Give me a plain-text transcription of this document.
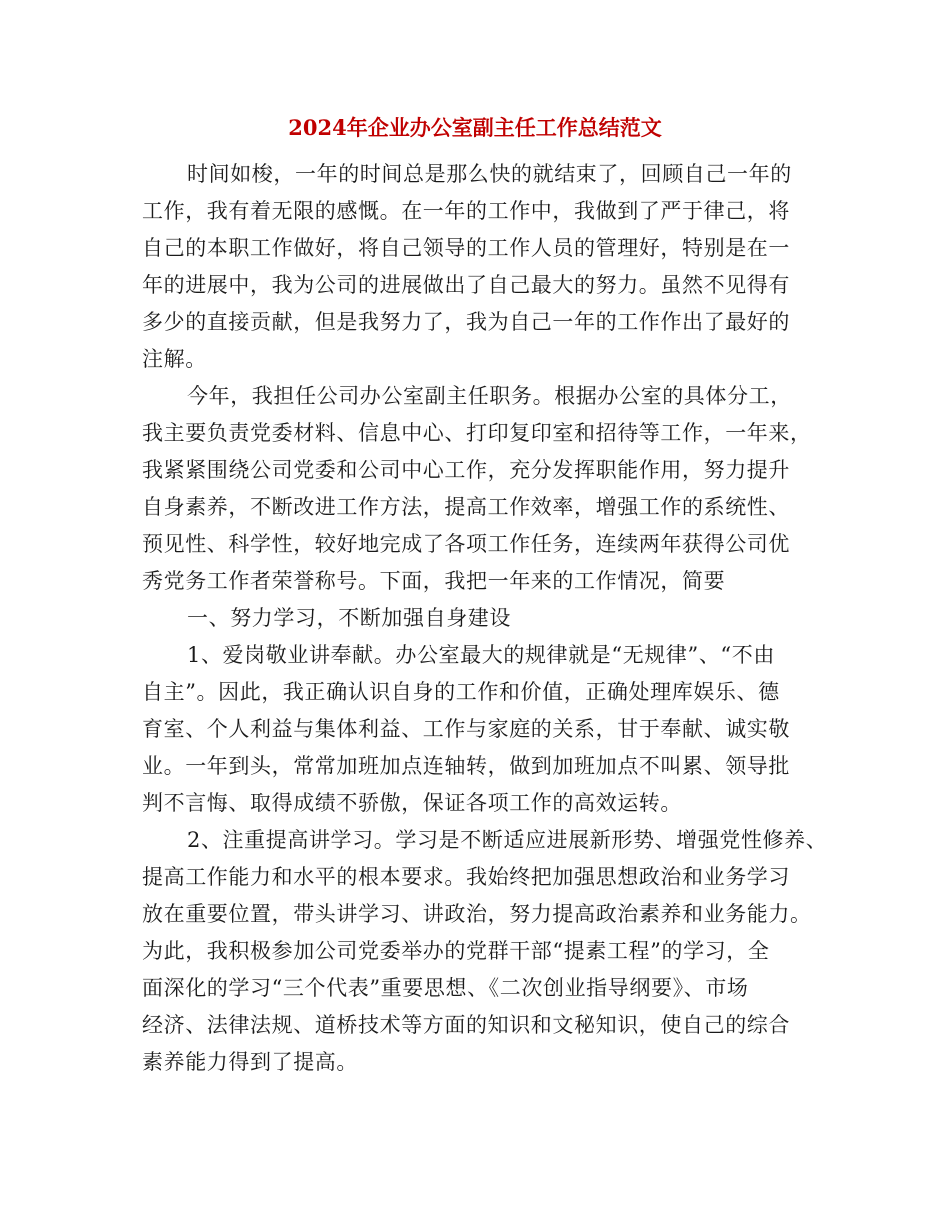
2024年企业办公室副主任工作总结范文
时间如梭，一年的时间总是那么快的就结束了，回顾自己一年的
工作，我有着无限的感慨。在一年的工作中，我做到了严于律己，将
自己的本职工作做好，将自己领导的工作人员的管理好，特别是在一
年的进展中，我为公司的进展做出了自己最大的努力。虽然不见得有
多少的直接贡献，但是我努力了，我为自己一年的工作作出了最好的
注解。
今年，我担任公司办公室副主任职务。根据办公室的具体分工，
我主要负责党委材料、信息中心、打印复印室和招待等工作，一年来，
我紧紧围绕公司党委和公司中心工作，充分发挥职能作用，努力提升
自身素养，不断改进工作方法，提高工作效率，增强工作的系统性、
预见性、科学性，较好地完成了各项工作任务，连续两年获得公司优
秀党务工作者荣誉称号。下面，我把一年来的工作情况，简要
一、努力学习，不断加强自身建设
1、爱岗敬业讲奉献。办公室最大的规律就是“无规律”、“不由
自主”。因此，我正确认识自身的工作和价值，正确处理库娱乐、德
育室、个人利益与集体利益、工作与家庭的关系，甘于奉献、诚实敬
业。一年到头，常常加班加点连轴转，做到加班加点不叫累、领导批
判不言悔、取得成绩不骄傲，保证各项工作的高效运转。
2、注重提高讲学习。学习是不断适应进展新形势、增强党性修养、
提高工作能力和水平的根本要求。我始终把加强思想政治和业务学习
放在重要位置，带头讲学习、讲政治，努力提高政治素养和业务能力。
为此，我积极参加公司党委举办的党群干部“提素工程”的学习，全
面深化的学习“三个代表”重要思想、《二次创业指导纲要》、市场
经济、法律法规、道桥技术等方面的知识和文秘知识，使自己的综合
素养能力得到了提高。
